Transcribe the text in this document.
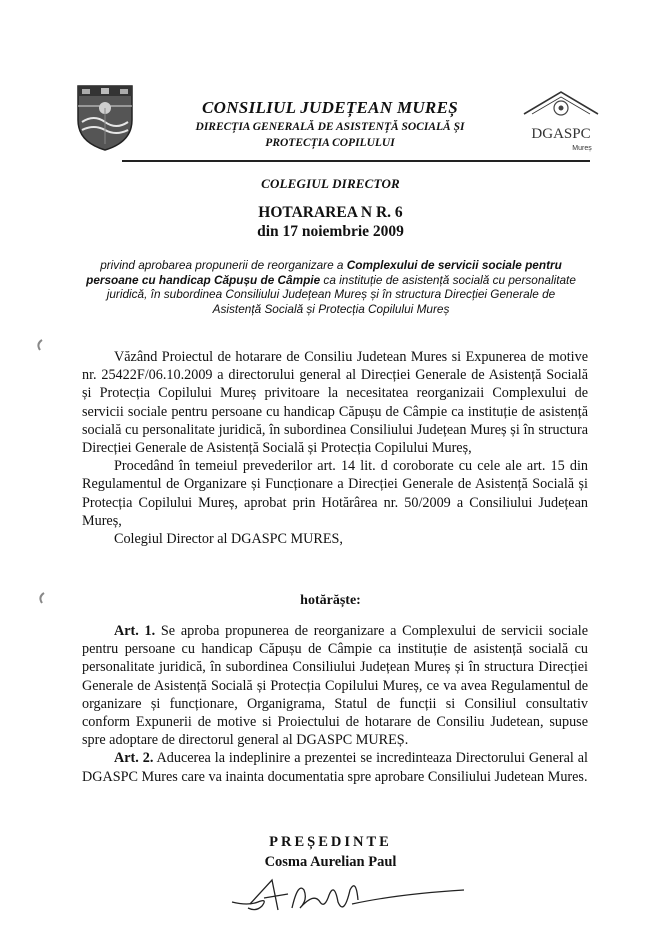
CONSILIUL JUDEȚEAN MUREȘ
DIRECȚIA GENERALĂ DE ASISTENȚĂ SOCIALĂ ȘI
PROTECȚIA COPILULUI
DGASPC
Mureș
COLEGIUL DIRECTOR
HOTARAREA N R. 6
din 17 noiembrie 2009
privind aprobarea propunerii de reorganizare a Complexului de servicii sociale pentru persoane cu handicap Căpușu de Câmpie ca instituție de asistență socială cu personalitate juridică, în subordinea Consiliului Județean Mureș și în structura Direcției Generale de Asistență Socială și Protecția Copilului Mureș

Văzând Proiectul de hotarare de Consiliu Judetean Mures si Expunerea de motive nr. 25422F/06.10.2009 a directorului general al Direcției Generale de Asistență Socială și Protecția Copilului Mureș privitoare la necesitatea reorganizaii Complexului de servicii sociale pentru persoane cu handicap Căpușu de Câmpie ca instituție de asistență socială cu personalitate juridică, în subordinea Consiliului Județean Mureș și în structura Direcției Generale de Asistență Socială și Protecția Copilului Mureș,

Procedând în temeiul prevederilor art. 14 lit. d coroborate cu cele ale art. 15 din Regulamentul de Organizare și Funcționare a Direcției Generale de Asistență Socială și Protecția Copilului Mureș, aprobat prin Hotărârea nr. 50/2009 a Consiliului Județean Mureș,

Colegiul Director al DGASPC MURES,

hotărăște:

Art. 1. Se aproba propunerea de reorganizare a Complexului de servicii sociale pentru persoane cu handicap Căpușu de Câmpie ca instituție de asistență socială cu personalitate juridică, în subordinea Consiliului Județean Mureș și în structura Direcției Generale de Asistență Socială și Protecția Copilului Mureș, ce va avea Regulamentul de organizare și funcționare, Organigrama, Statul de funcții si Consiliul consultativ conform Expunerii de motive si Proiectului de hotarare de Consiliu Judetean, supuse spre adoptare de directorul general al DGASPC MUREȘ.

Art. 2. Aducerea la indeplinire a prezentei se incredinteaza Directorului General al DGASPC Mures care va inainta documentatia spre aprobare Consiliului Judetean Mures.

PREȘEDINTE
Cosma Aurelian Paul
